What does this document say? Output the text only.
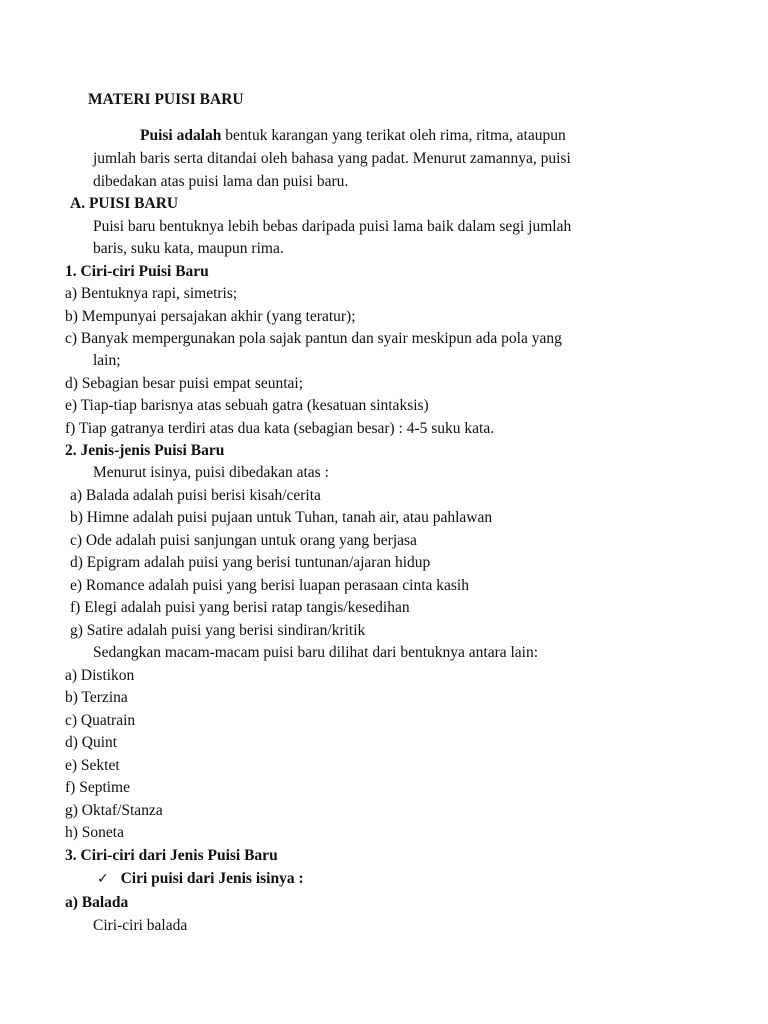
MATERI PUISI BARU
Puisi adalah bentuk karangan yang terikat oleh rima, ritma, ataupun
jumlah baris serta ditandai oleh bahasa yang padat. Menurut zamannya, puisi
dibedakan atas puisi lama dan puisi baru.
A. PUISI BARU
Puisi baru bentuknya lebih bebas daripada puisi lama baik dalam segi jumlah
baris, suku kata, maupun rima.
1. Ciri-ciri Puisi Baru
a) Bentuknya rapi, simetris;
b) Mempunyai persajakan akhir (yang teratur);
c) Banyak mempergunakan pola sajak pantun dan syair meskipun ada pola yang
lain;
d) Sebagian besar puisi empat seuntai;
e) Tiap-tiap barisnya atas sebuah gatra (kesatuan sintaksis)
f) Tiap gatranya terdiri atas dua kata (sebagian besar) : 4-5 suku kata.
2. Jenis-jenis Puisi Baru
Menurut isinya, puisi dibedakan atas :
a) Balada adalah puisi berisi kisah/cerita
b) Himne adalah puisi pujaan untuk Tuhan, tanah air, atau pahlawan
c) Ode adalah puisi sanjungan untuk orang yang berjasa
d) Epigram adalah puisi yang berisi tuntunan/ajaran hidup
e) Romance adalah puisi yang berisi luapan perasaan cinta kasih
f) Elegi adalah puisi yang berisi ratap tangis/kesedihan
g) Satire adalah puisi yang berisi sindiran/kritik
Sedangkan macam-macam puisi baru dilihat dari bentuknya antara lain:
a) Distikon
b) Terzina
c) Quatrain
d) Quint
e) Sektet
f) Septime
g) Oktaf/Stanza
h) Soneta
3. Ciri-ciri dari Jenis Puisi Baru
✓ Ciri puisi dari Jenis isinya :
a) Balada
Ciri-ciri balada
